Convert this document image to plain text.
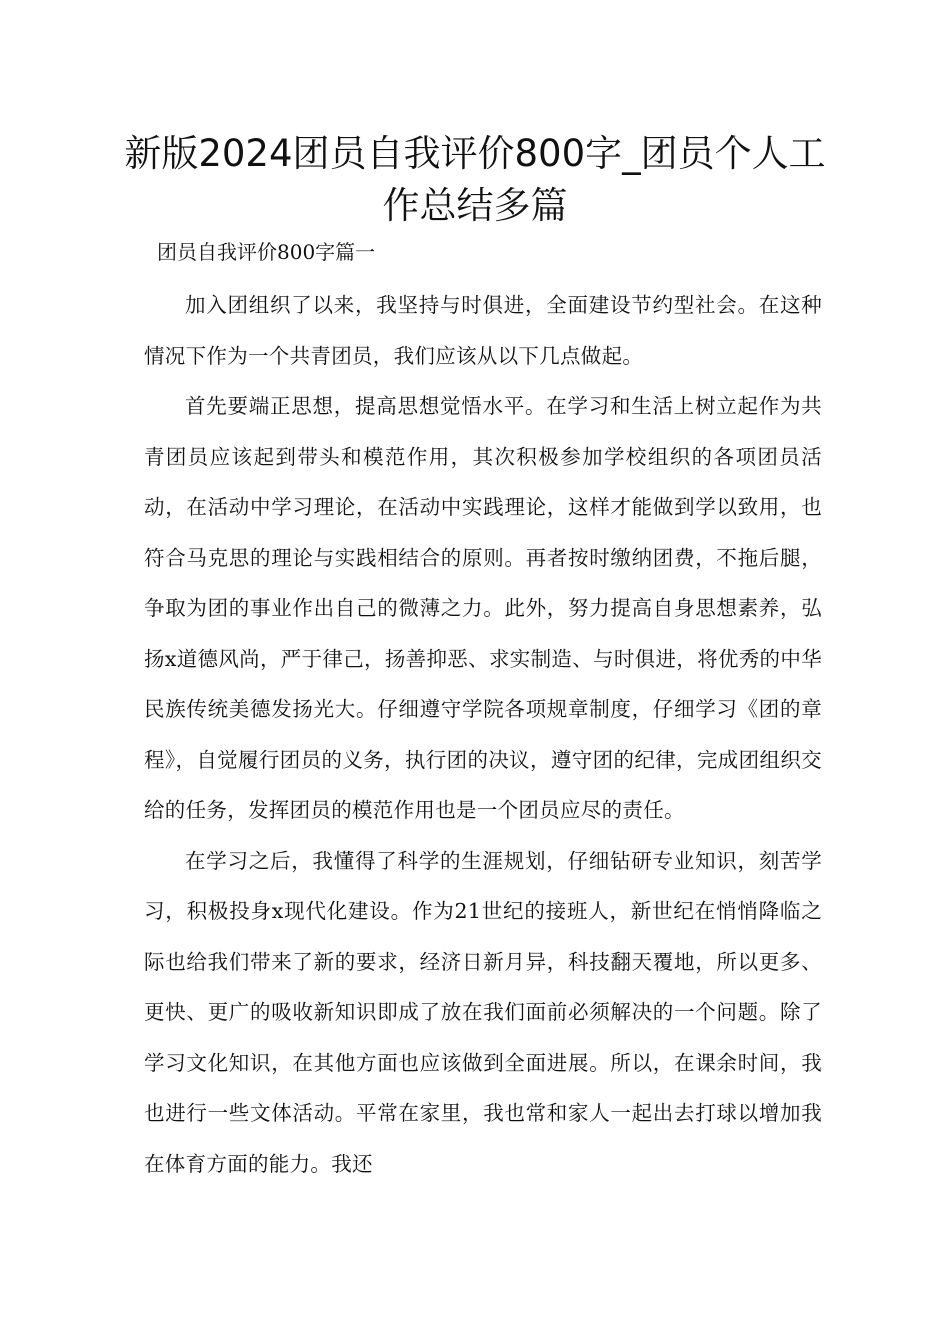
新版2024团员自我评价800字_团员个人工作总结多篇
团员自我评价800字篇一

加入团组织了以来，我坚持与时俱进，全面建设节约型社会。在这种情况下作为一个共青团员，我们应该从以下几点做起。

首先要端正思想，提高思想觉悟水平。在学习和生活上树立起作为共青团员应该起到带头和模范作用，其次积极参加学校组织的各项团员活动，在活动中学习理论，在活动中实践理论，这样才能做到学以致用，也符合马克思的理论与实践相结合的原则。再者按时缴纳团费，不拖后腿，争取为团的事业作出自己的微薄之力。此外，努力提高自身思想素养，弘扬x道德风尚，严于律己，扬善抑恶、求实制造、与时俱进，将优秀的中华民族传统美德发扬光大。仔细遵守学院各项规章制度，仔细学习《团的章程》，自觉履行团员的义务，执行团的决议，遵守团的纪律，完成团组织交给的任务，发挥团员的模范作用也是一个团员应尽的责任。

在学习之后，我懂得了科学的生涯规划，仔细钻研专业知识，刻苦学习，积极投身x现代化建设。作为21世纪的接班人，新世纪在悄悄降临之际也给我们带来了新的要求，经济日新月异，科技翻天覆地，所以更多、更快、更广的吸收新知识即成了放在我们面前必须解决的一个问题。除了学习文化知识，在其他方面也应该做到全面进展。所以，在课余时间，我也进行一些文体活动。平常在家里，我也常和家人一起出去打球以增加我在体育方面的能力。我还
